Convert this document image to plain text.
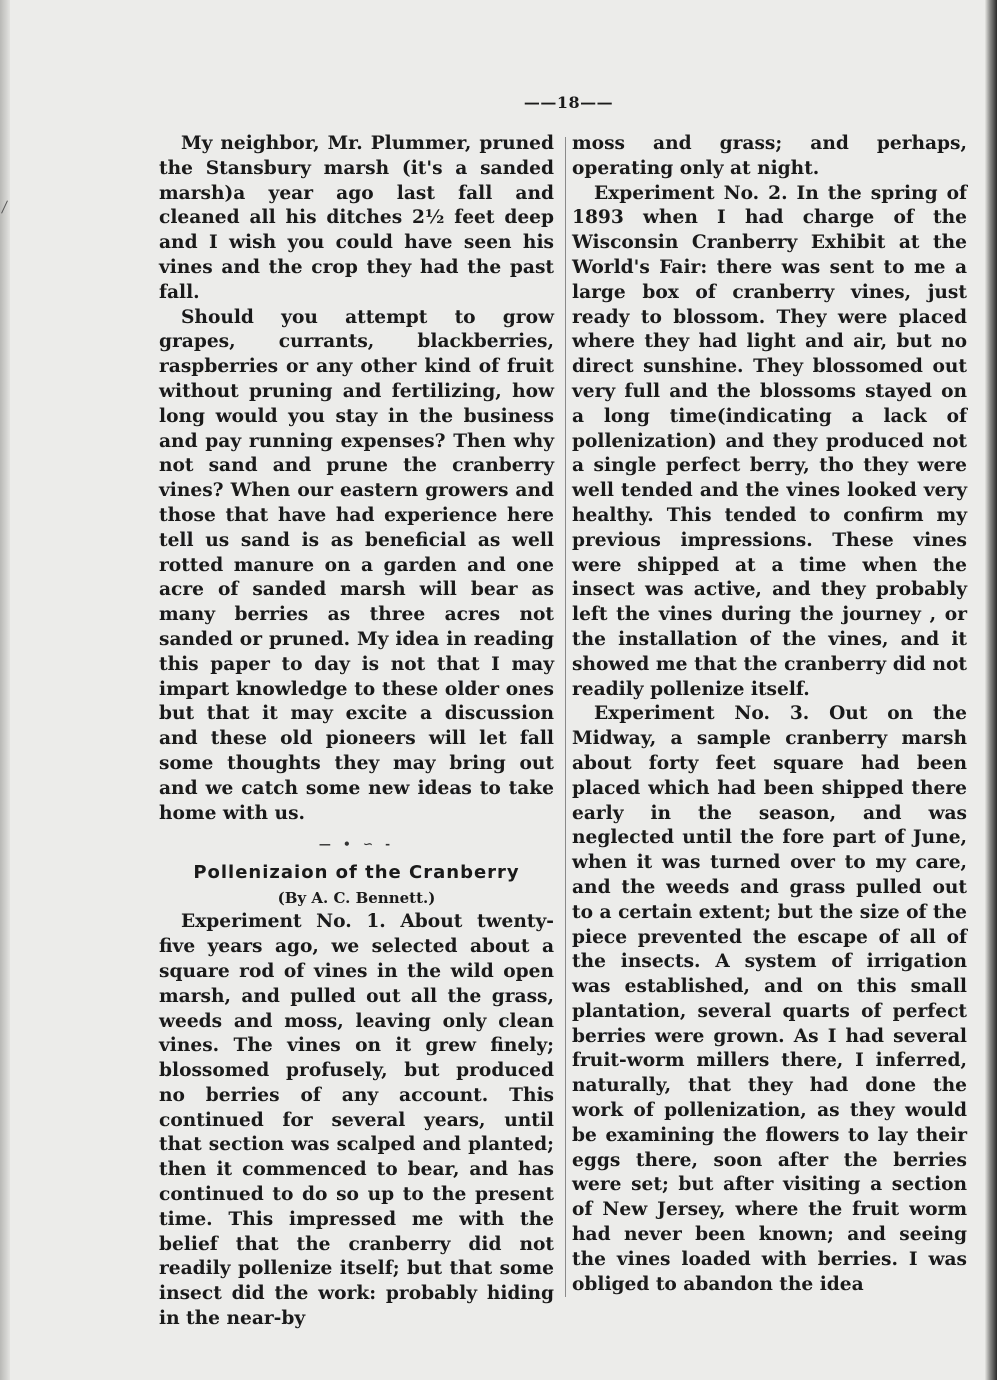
——18——

My neighbor, Mr. Plummer, pruned the Stansbury marsh (it's a sanded marsh)a year ago last fall and cleaned all his ditches 2½ feet deep and I wish you could have seen his vines and the crop they had the past fall.

Should you attempt to grow grapes, currants, blackberries, raspberries or any other kind of fruit without pruning and fertilizing, how long would you stay in the business and pay running expenses? Then why not sand and prune the cranberry vines? When our eastern growers and those that have had experience here tell us sand is as beneficial as well rotted manure on a garden and one acre of sanded marsh will bear as many berries as three acres not sanded or pruned. My idea in reading this paper to day is not that I may impart knowledge to these older ones but that it may excite a discussion and these old pioneers will let fall some thoughts they may bring out and we catch some new ideas to take home with us.

— • ∽ -
Pollenizaion of the Cranberry
(By A. C. Bennett.)

Experiment No. 1. About twenty-five years ago, we selected about a square rod of vines in the wild open marsh, and pulled out all the grass, weeds and moss, leaving only clean vines. The vines on it grew finely; blossomed profusely, but produced no berries of any account. This continued for several years, until that section was scalped and planted; then it commenced to bear, and has continued to do so up to the present time. This impressed me with the belief that the cranberry did not readily pollenize itself; but that some insect did the work: probably hiding in the near-by

moss and grass; and perhaps, operating only at night.

Experiment No. 2. In the spring of 1893 when I had charge of the Wisconsin Cranberry Exhibit at the World's Fair: there was sent to me a large box of cranberry vines, just ready to blossom. They were placed where they had light and air, but no direct sunshine. They blossomed out very full and the blossoms stayed on a long time(indicating a lack of pollenization) and they produced not a single perfect berry, tho they were well tended and the vines looked very healthy. This tended to confirm my previous impressions. These vines were shipped at a time when the insect was active, and they probably left the vines during the journey , or the installation of the vines, and it showed me that the cranberry did not readily pollenize itself.

Experiment No. 3. Out on the Midway, a sample cranberry marsh about forty feet square had been placed which had been shipped there early in the season, and was neglected until the fore part of June, when it was turned over to my care, and the weeds and grass pulled out to a certain extent; but the size of the piece prevented the escape of all of the insects. A system of irrigation was established, and on this small plantation, several quarts of perfect berries were grown. As I had several fruit-worm millers there, I inferred, naturally, that they had done the work of pollenization, as they would be examining the flowers to lay their eggs there, soon after the berries were set; but after visiting a section of New Jersey, where the fruit worm had never been known; and seeing the vines loaded with berries. I was obliged to abandon the idea
